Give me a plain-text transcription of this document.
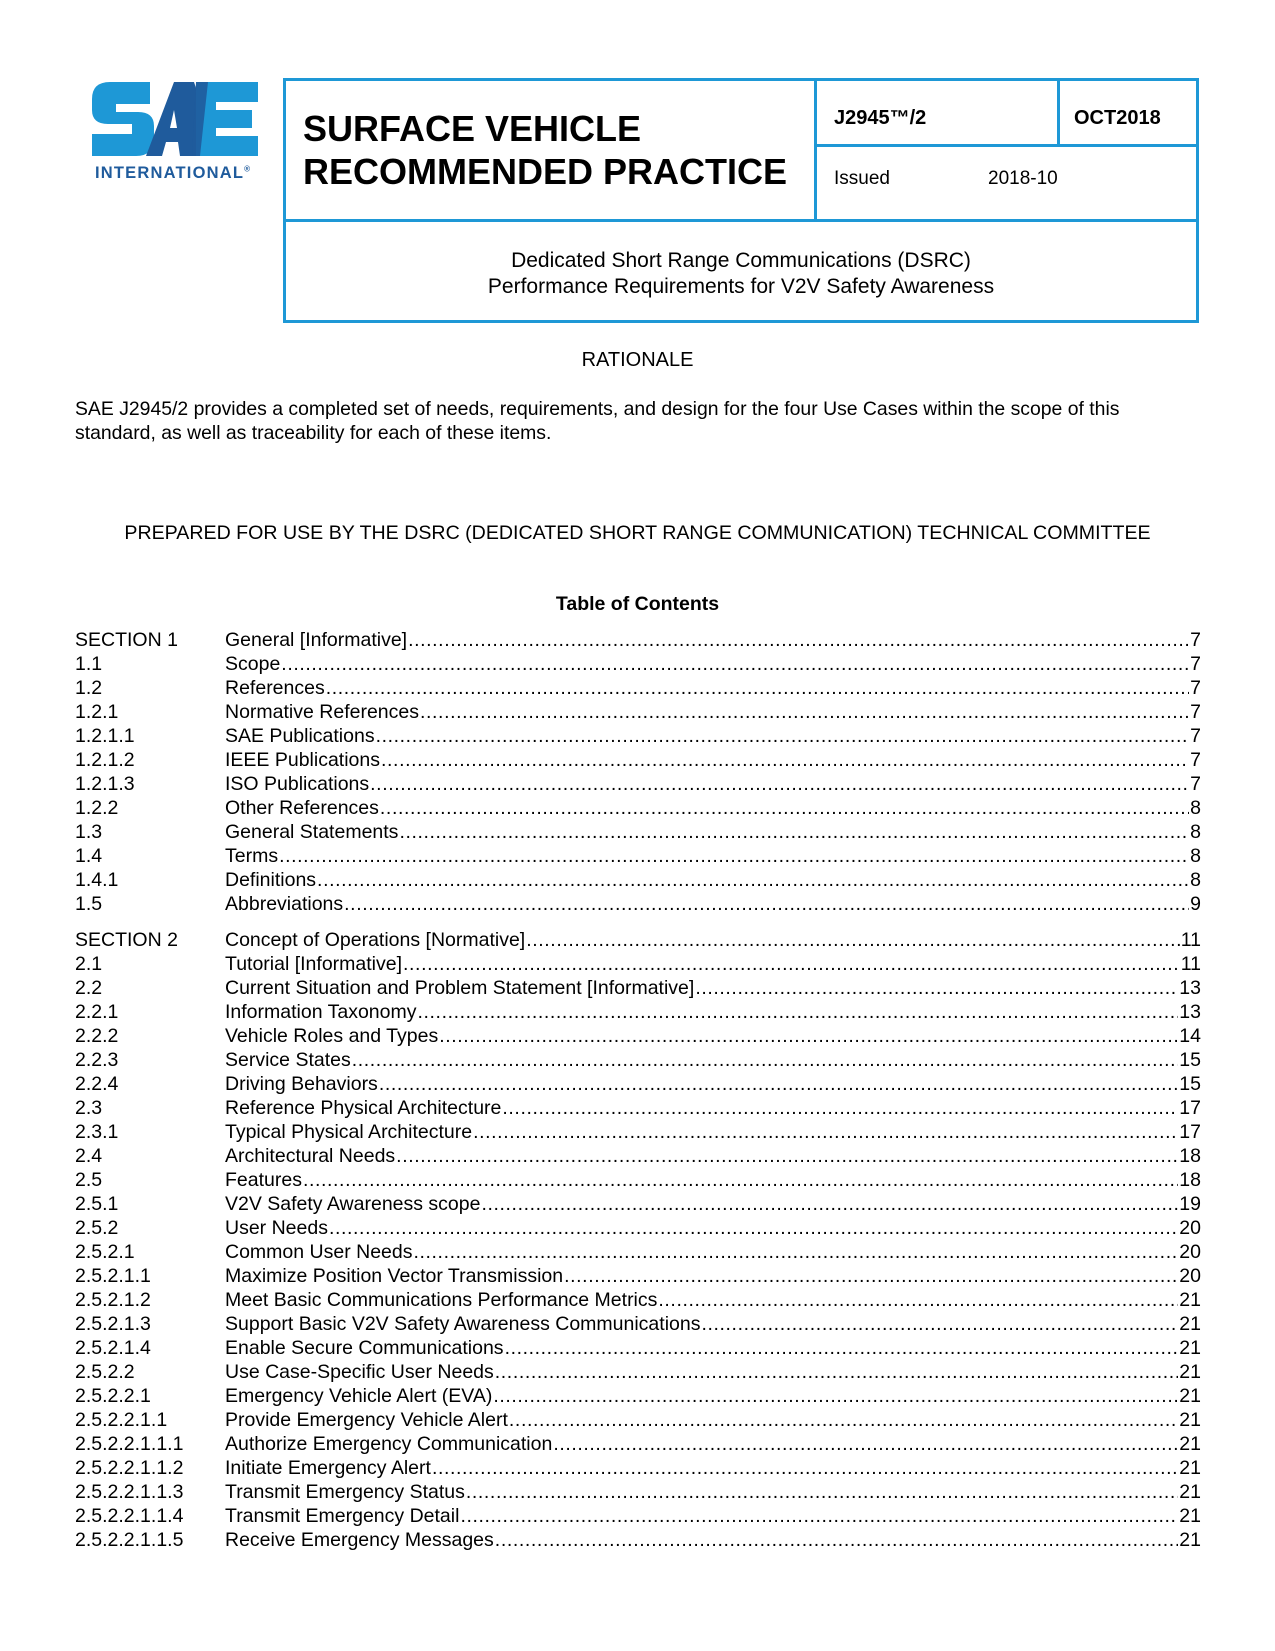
INTERNATIONAL®
SURFACE VEHICLE
RECOMMENDED PRACTICE
J2945™/2	OCT2018
Issued	2018-10
Dedicated Short Range Communications (DSRC)
Performance Requirements for V2V Safety Awareness
RATIONALE
SAE J2945/2 provides a completed set of needs, requirements, and design for the four Use Cases within the scope of this standard, as well as traceability for each of these items.
PREPARED FOR USE BY THE DSRC (DEDICATED SHORT RANGE COMMUNICATION) TECHNICAL COMMITTEE
Table of Contents
SECTION 1 General [Informative] .....	7
1.1	Scope .....	7
1.2	References .....	7
1.2.1	Normative References .....	7
1.2.1.1	SAE Publications .....	7
1.2.1.2	IEEE Publications .....	7
1.2.1.3	ISO Publications .....	7
1.2.2	Other References .....	8
1.3	General Statements .....	8
1.4	Terms .....	8
1.4.1	Definitions .....	8
1.5	Abbreviations .....	9
SECTION 2 Concept of Operations [Normative] .....	11
2.1	Tutorial [Informative] .....	11
2.2	Current Situation and Problem Statement [Informative] .....	13
2.2.1	Information Taxonomy .....	13
2.2.2	Vehicle Roles and Types .....	14
2.2.3	Service States .....	15
2.2.4	Driving Behaviors .....	15
2.3	Reference Physical Architecture .....	17
2.3.1	Typical Physical Architecture .....	17
2.4	Architectural Needs .....	18
2.5	Features .....	18
2.5.1	V2V Safety Awareness scope .....	19
2.5.2	User Needs .....	20
2.5.2.1	Common User Needs .....	20
2.5.2.1.1	Maximize Position Vector Transmission .....	20
2.5.2.1.2	Meet Basic Communications Performance Metrics .....	21
2.5.2.1.3	Support Basic V2V Safety Awareness Communications .....	21
2.5.2.1.4	Enable Secure Communications .....	21
2.5.2.2	Use Case-Specific User Needs .....	21
2.5.2.2.1	Emergency Vehicle Alert (EVA) .....	21
2.5.2.2.1.1	Provide Emergency Vehicle Alert .....	21
2.5.2.2.1.1.1 Authorize Emergency Communication .....	21
2.5.2.2.1.1.2 Initiate Emergency Alert .....	21
2.5.2.2.1.1.3 Transmit Emergency Status .....	21
2.5.2.2.1.1.4 Transmit Emergency Detail .....	21
2.5.2.2.1.1.5 Receive Emergency Messages .....	21
